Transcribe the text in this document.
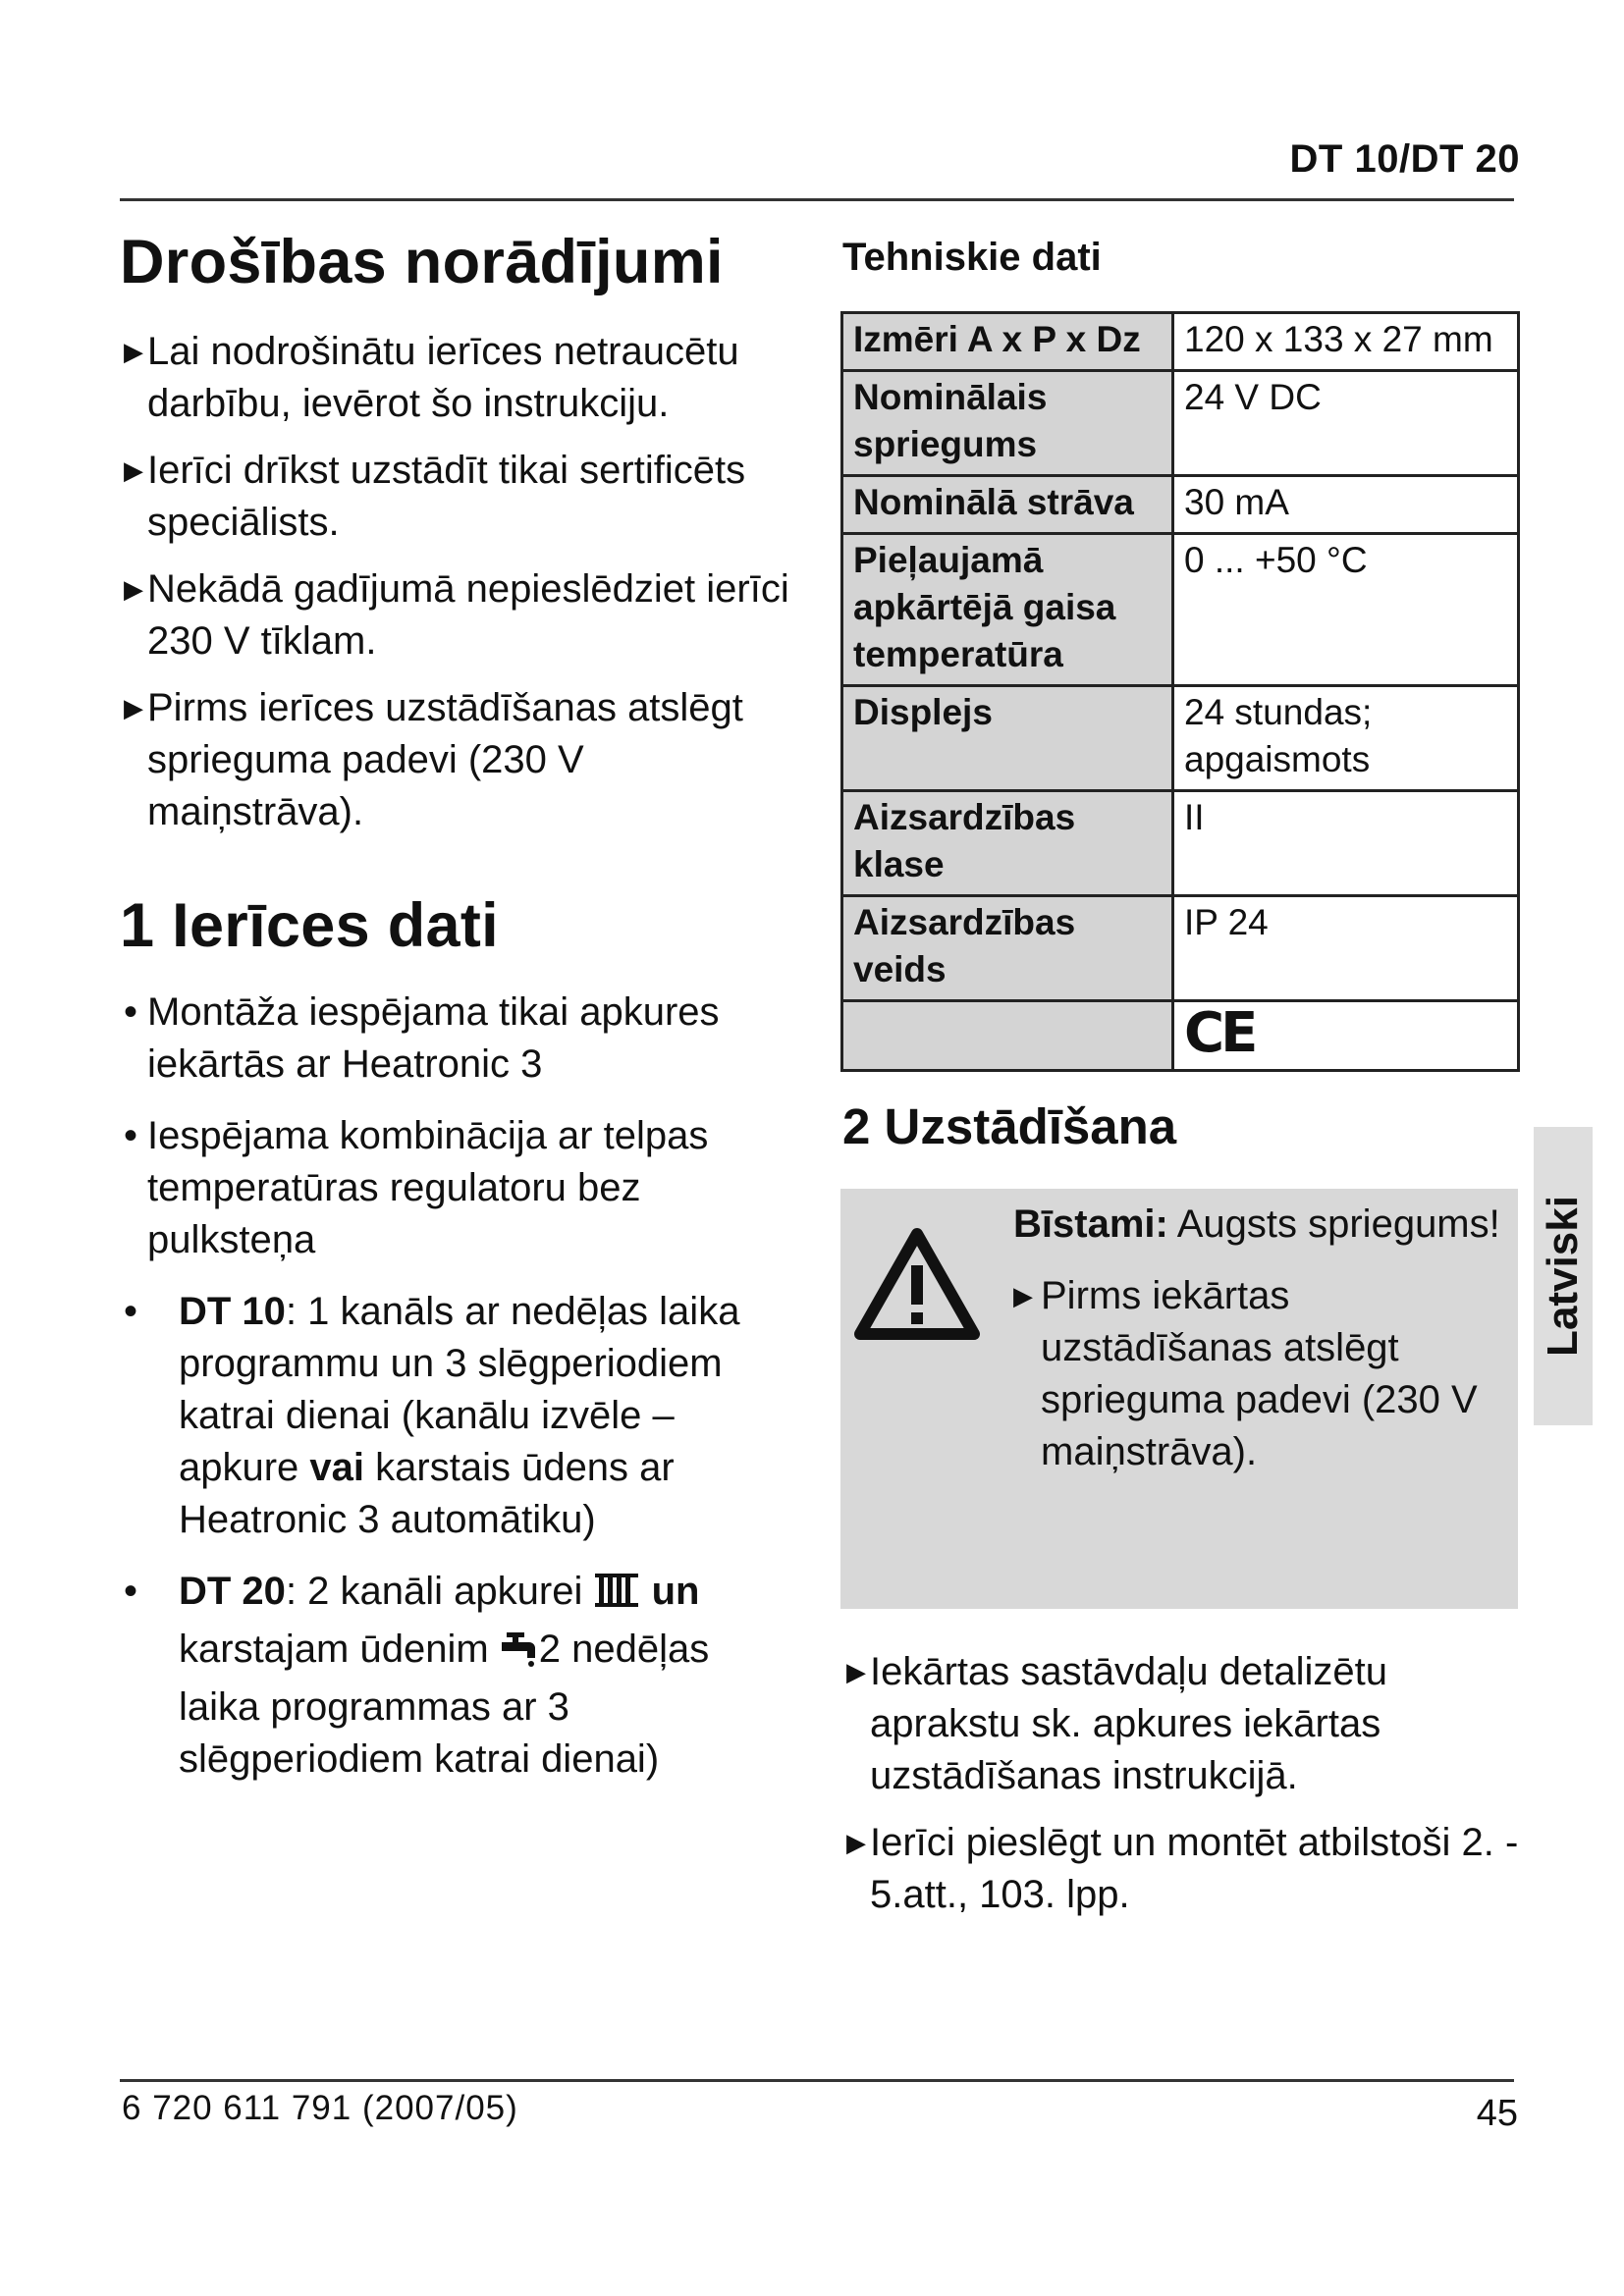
DT 10/DT 20
Drošības norādījumi
▶ Lai nodrošinātu ierīces netraucētu darbību, ievērot šo instrukciju.
▶ Ierīci drīkst uzstādīt tikai sertificēts speciālists.
▶ Nekādā gadījumā nepieslēdziet ierīci 230 V tīklam.
▶ Pirms ierīces uzstādīšanas atslēgt sprieguma padevi (230 V maiņstrāva).
1 Ierīces dati
• Montāža iespējama tikai apkures iekārtās ar Heatronic 3
• Iespējama kombinācija ar telpas temperatūras regulatoru bez pulksteņa
• DT 10: 1 kanāls ar nedēļas laika programmu un 3 slēgperiodiem katrai dienai (kanālu izvēle – apkure vai karstais ūdens ar Heatronic 3 automātiku)
• DT 20: 2 kanāli apkurei  un karstajam ūdenim 2 nedēļas laika programmas ar 3 slēgperiodiem katrai dienai)
Tehniskie dati
Izmēri A x P x Dz	120 x 133 x 27 mm
Nominālais spriegums	24 V DC
Nominālā strāva	30 mA
Pieļaujamā apkārtējā gaisa temperatūra	0 ... +50 °C
Displejs	24 stundas; apgaismots
Aizsardzības klase	II
Aizsardzības veids	IP 24
	CE
2 Uzstādīšana
Bīstami: Augsts spriegums!
▶ Pirms iekārtas uzstādīšanas atslēgt sprieguma padevi (230 V maiņstrāva).
▶ Iekārtas sastāvdaļu detalizētu aprakstu sk. apkures iekārtas uzstādīšanas instrukcijā.
▶ Ierīci pieslēgt un montēt atbilstoši 2. - 5.att., 103. lpp.
Latviski
6 720 611 791 (2007/05)	45
